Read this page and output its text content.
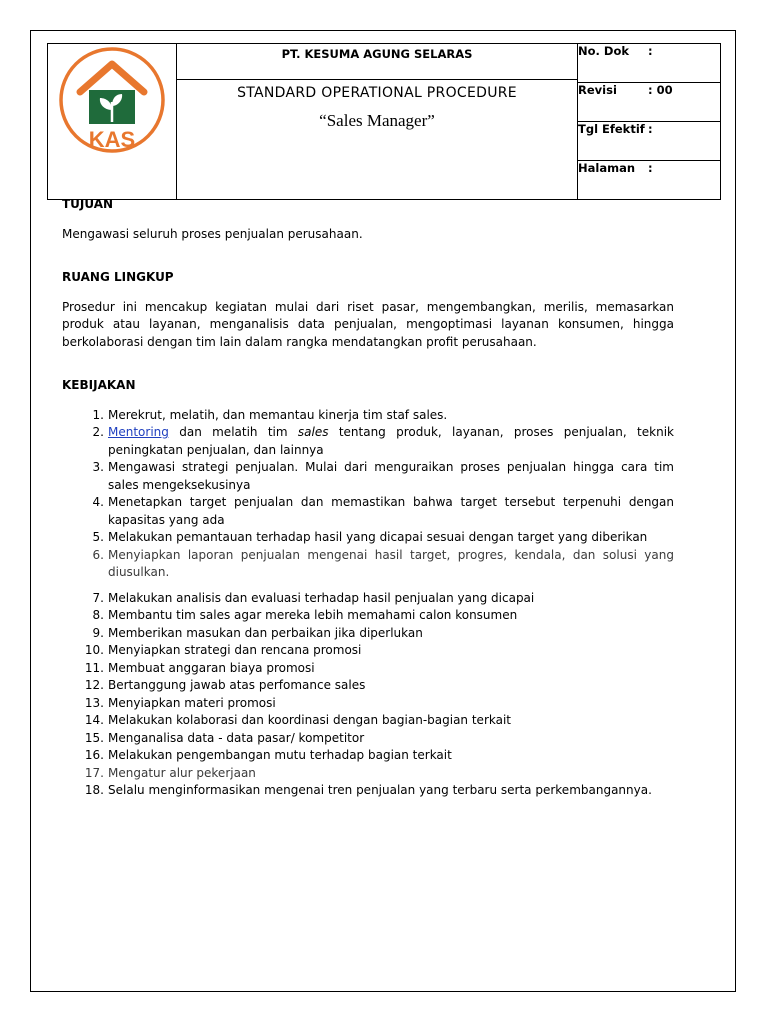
KAS

PT. KESUMA AGUNG SELARAS
STANDARD OPERATIONAL PROCEDURE
“Sales Manager”
	No. Dok :
Revisi	: 00
Tgl Efektif :
Halaman :

TUJUAN

Mengawasi seluruh proses penjualan perusahaan.

RUANG LINGKUP

Prosedur ini mencakup kegiatan mulai dari riset pasar, mengembangkan, merilis, memasarkan produk atau layanan, menganalisis data penjualan, mengoptimasi layanan konsumen, hingga berkolaborasi dengan tim lain dalam rangka mendatangkan profit perusahaan.

KEBIJAKAN

1. Merekrut, melatih, dan memantau kinerja tim staf sales.
2. Mentoring dan melatih tim sales tentang produk, layanan, proses penjualan, teknik peningkatan penjualan, dan lainnya
3. Mengawasi strategi penjualan. Mulai dari menguraikan proses penjualan hingga cara tim sales mengeksekusinya
4. Menetapkan target penjualan dan memastikan bahwa target tersebut terpenuhi dengan kapasitas yang ada
5. Melakukan pemantauan terhadap hasil yang dicapai sesuai dengan target yang diberikan
6. Menyiapkan laporan penjualan mengenai hasil target, progres, kendala, dan solusi yang diusulkan.
7. Melakukan analisis dan evaluasi terhadap hasil penjualan yang dicapai
8. Membantu tim sales agar mereka lebih memahami calon konsumen
9. Memberikan masukan dan perbaikan jika diperlukan
10. Menyiapkan strategi dan rencana promosi
11. Membuat anggaran biaya promosi
12. Bertanggung jawab atas perfomance sales
13. Menyiapkan materi promosi
14. Melakukan kolaborasi dan koordinasi dengan bagian-bagian terkait
15. Menganalisa data - data pasar/ kompetitor
16. Melakukan pengembangan mutu terhadap bagian terkait
17. Mengatur alur pekerjaan
18. Selalu menginformasikan mengenai tren penjualan yang terbaru serta perkembangannya.
